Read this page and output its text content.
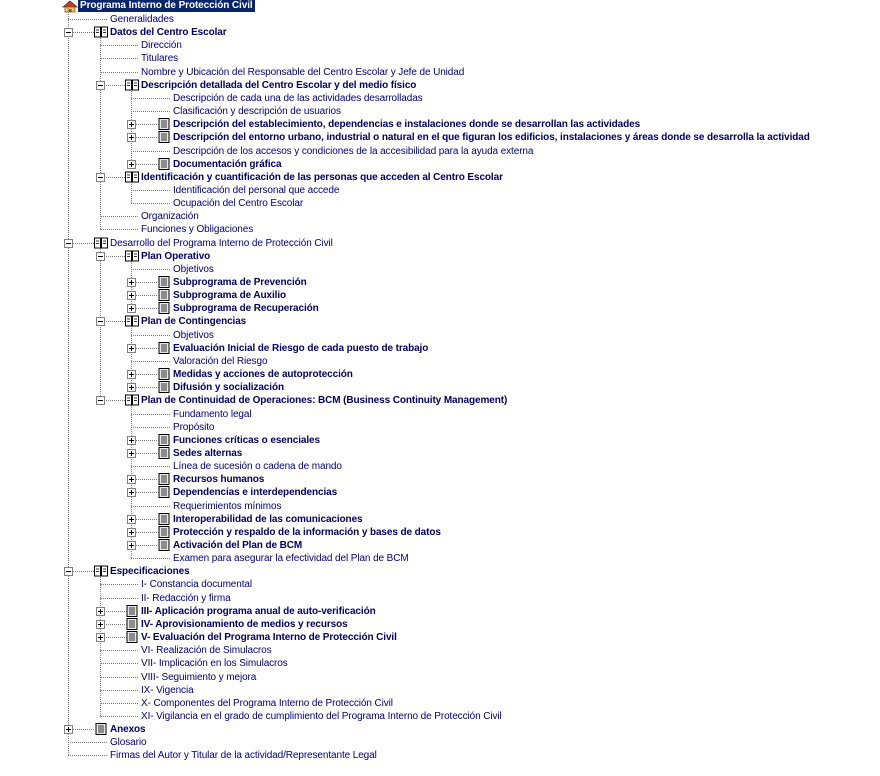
Programa Interno de Protección Civil
Generalidades
Datos del Centro Escolar
Dirección
Titulares
Nombre y Ubicación del Responsable del Centro Escolar y Jefe de Unidad
Descripción detallada del Centro Escolar y del medio físico
Descripción de cada una de las actividades desarrolladas
Clasificación y descripción de usuarios
Descripción del establecimiento, dependencias e instalaciones donde se desarrollan las actividades
Descripción del entorno urbano, industrial o natural en el que figuran los edificios, instalaciones y áreas donde se desarrolla la actividad
Descripción de los accesos y condiciones de la accesibilidad para la ayuda externa
Documentación gráfica
Identificación y cuantificación de las personas que acceden al Centro Escolar
Identificación del personal que accede
Ocupación del Centro Escolar
Organización
Funciones y Obligaciones
Desarrollo del Programa Interno de Protección Civil
Plan Operativo
Objetivos
Subprograma de Prevención
Subprograma de Auxilio
Subprograma de Recuperación
Plan de Contingencias
Objetivos
Evaluación Inicial de Riesgo de cada puesto de trabajo
Valoración del Riesgo
Medidas y acciones de autoprotección
Difusión y socialización
Plan de Continuidad de Operaciones: BCM (Business Continuity Management)
Fundamento legal
Propósito
Funciones críticas o esenciales
Sedes alternas
Línea de sucesión o cadena de mando
Recursos humanos
Dependencias e interdependencias
Requerimientos mínimos
Interoperabilidad de las comunicaciones
Protección y respaldo de la información y bases de datos
Activación del Plan de BCM
Examen para asegurar la efectividad del Plan de BCM
Especificaciones
I- Constancia documental
II- Redacción y firma
III- Aplicación programa anual de auto-verificación
IV- Aprovisionamiento de medios y recursos
V- Evaluación del Programa Interno de Protección Civil
VI- Realización de Simulacros
VII- Implicación en los Simulacros
VIII- Seguimiento y mejora
IX- Vigencia
X- Componentes del Programa Interno de Protección Civil
XI- Vigilancia en el grado de cumplimiento del Programa Interno de Protección Civil
Anexos
Glosario
Firmas del Autor y Titular de la actividad/Representante Legal
